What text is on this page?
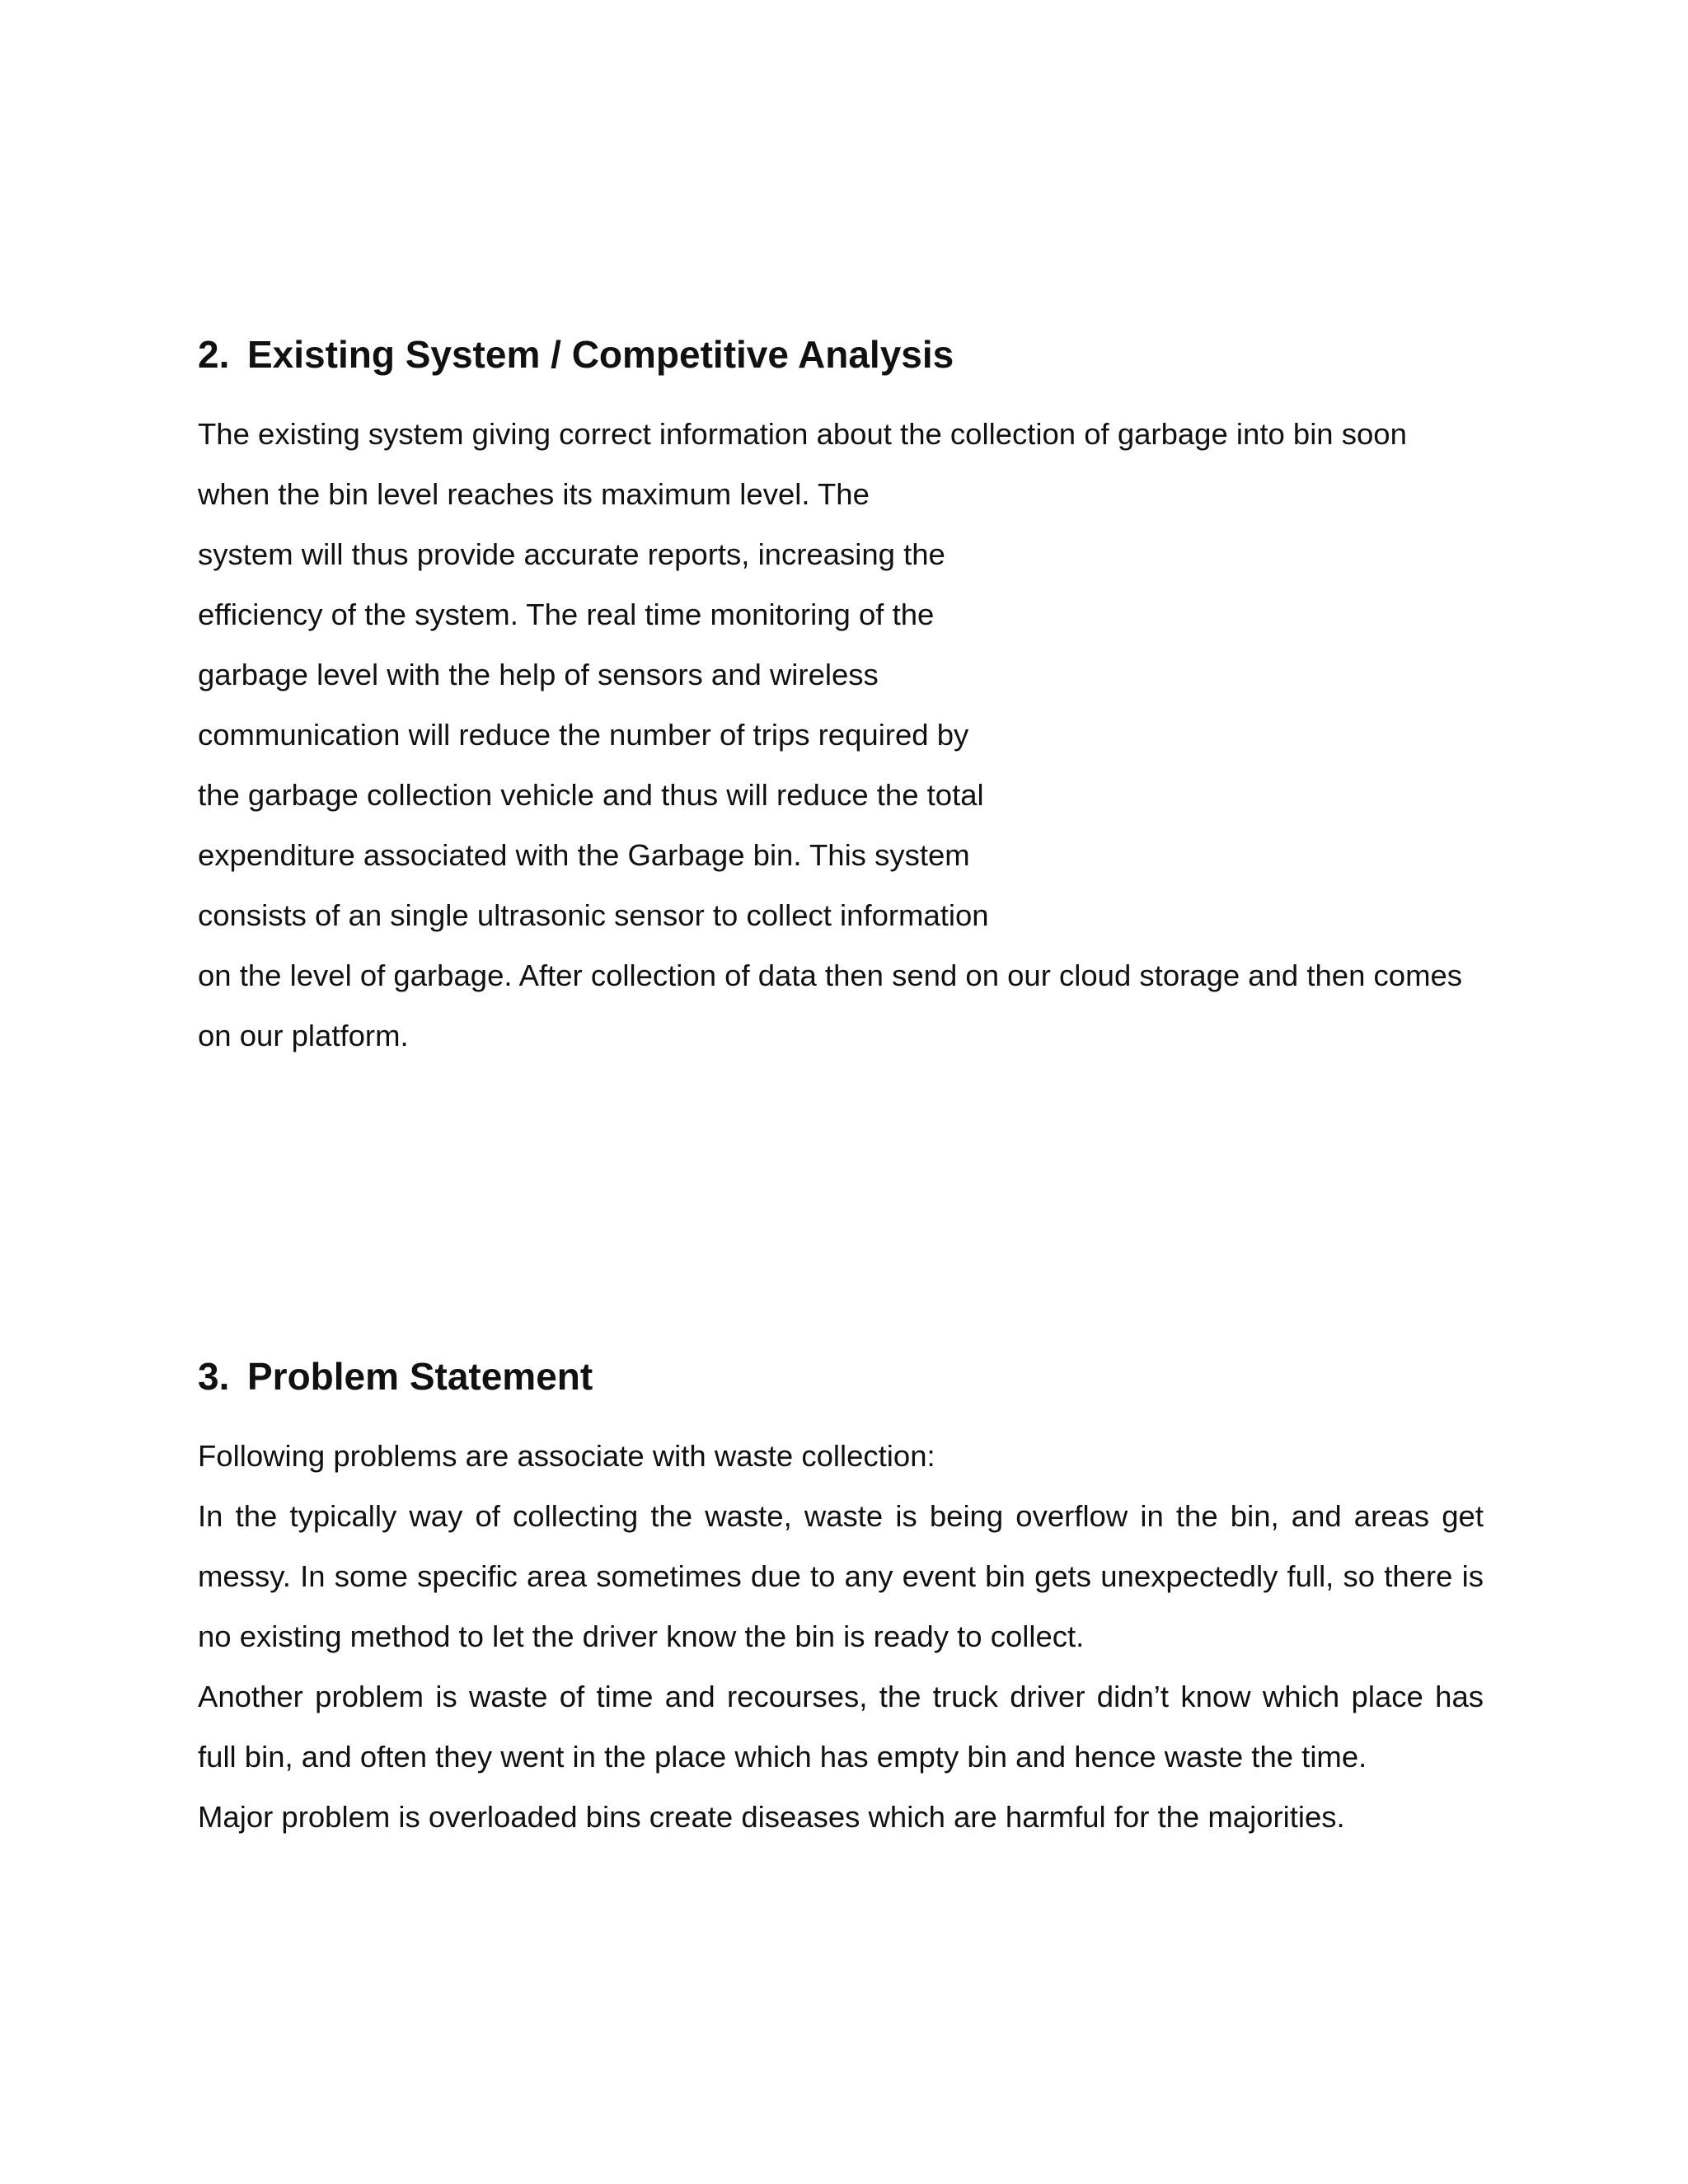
2. Existing System / Competitive Analysis
The existing system giving correct information about the collection of garbage into bin soon
when the bin level reaches its maximum level. The
system will thus provide accurate reports, increasing the
efficiency of the system. The real time monitoring of the
garbage level with the help of sensors and wireless
communication will reduce the number of trips required by
the garbage collection vehicle and thus will reduce the total
expenditure associated with the Garbage bin. This system
consists of an single ultrasonic sensor to collect information
on the level of garbage. After collection of data then send on our cloud storage and then comes
on our platform.
3. Problem Statement
Following problems are associate with waste collection:
In the typically way of collecting the waste, waste is being overflow in the bin, and areas get
messy. In some specific area sometimes due to any event bin gets unexpectedly full, so there is
no existing method to let the driver know the bin is ready to collect.
Another problem is waste of time and recourses, the truck driver didn’t know which place has
full bin, and often they went in the place which has empty bin and hence waste the time.
Major problem is overloaded bins create diseases which are harmful for the majorities.
